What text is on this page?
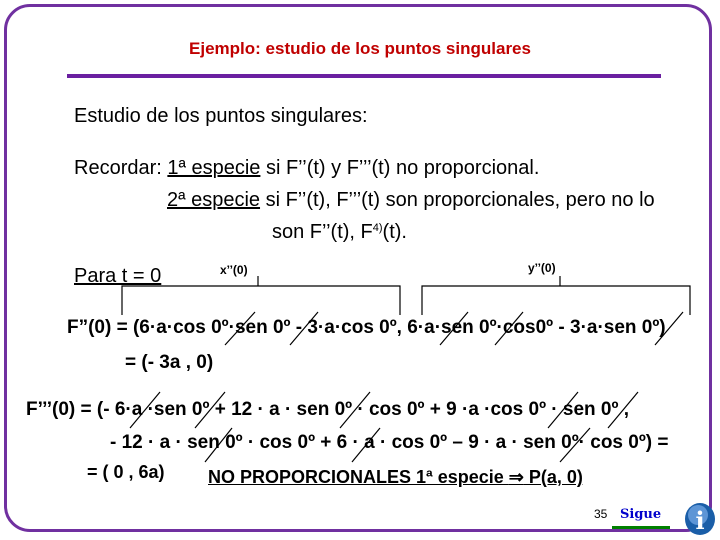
Ejemplo: estudio de los puntos singulares
Estudio de los puntos singulares:
Recordar: 1ª especie si F’’(t) y F’’’(t) no proporcional.
2ª especie si F’’(t), F’’’(t) son proporcionales, pero no lo
son F’’(t), $F^{4)}(t)$.
Para t = 0	x’’(0)	y’’(0)
F”(0) = (6·a·cos 0º·sen 0º - 3·a·cos 0º, 6·a·sen 0º·cos0º - 3·a·sen 0º)
= (- 3a , 0)
F’’’(0) = (- 6·a ·sen 0º + 12 · a · sen 0º · cos 0º + 9 ·a ·cos 0º · sen 0º ,
- 12 · a · sen 0º · cos 0º + 6 · a · cos 0º – 9 · a · sen 0º· cos 0º) =
= ( 0 , 6a) NO PROPORCIONALES 1ª especie ⇒ P(a, 0)
35 Sigue i
